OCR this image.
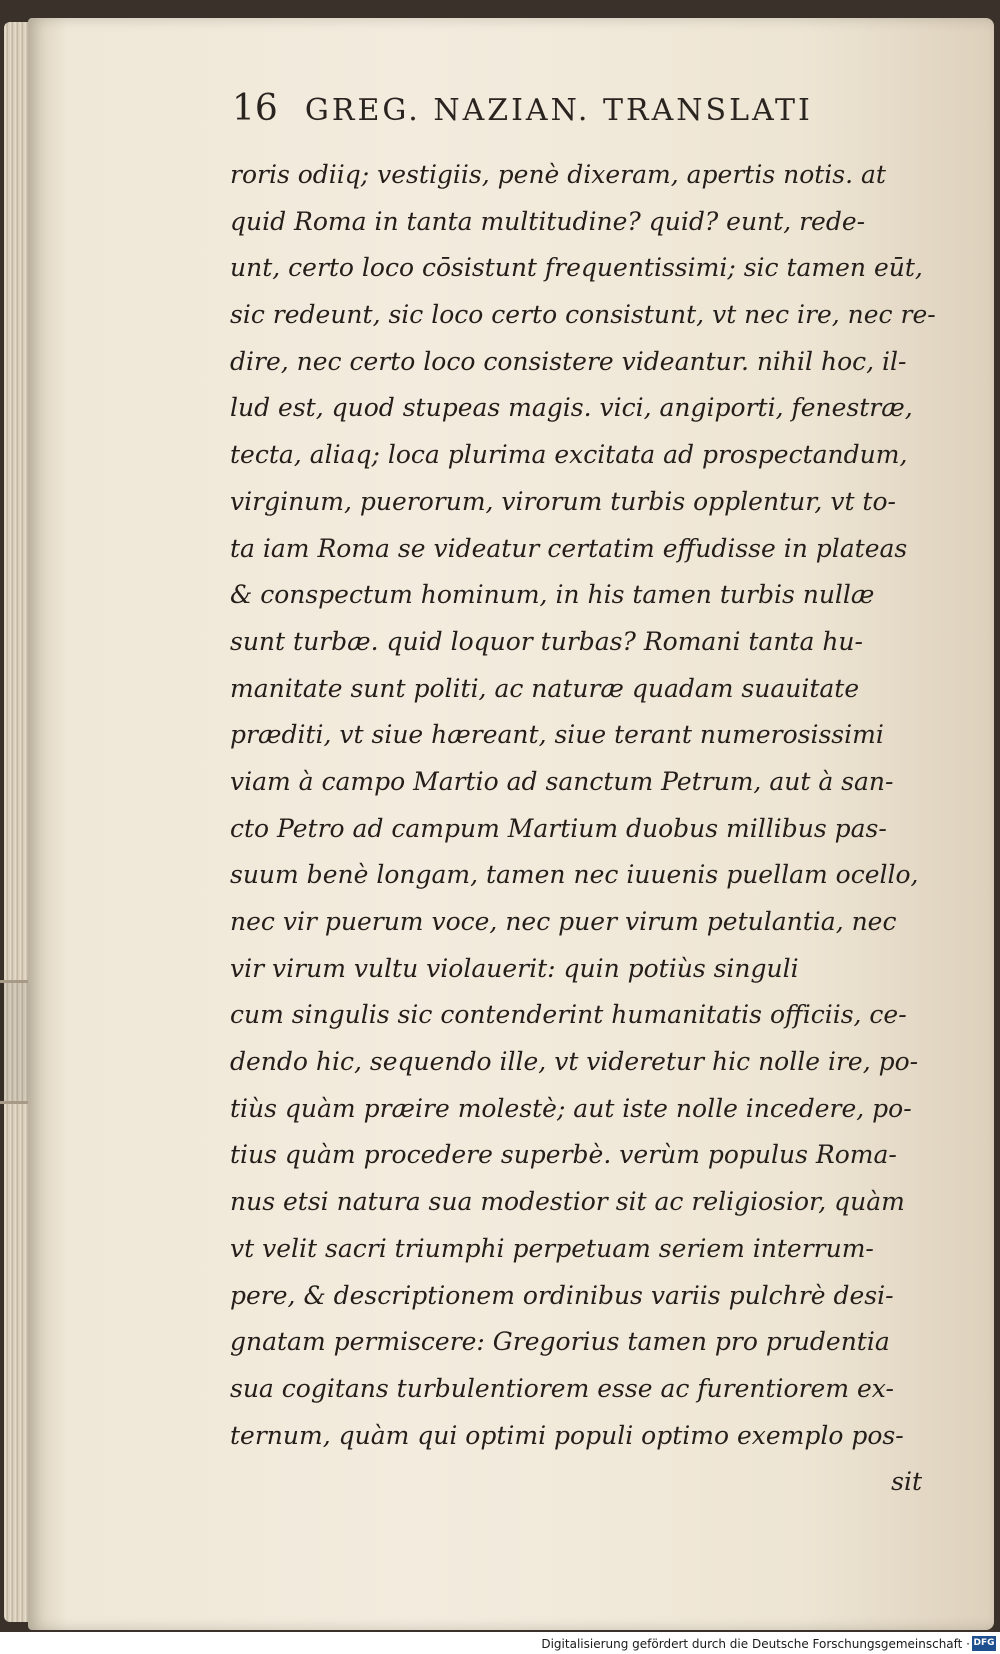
16 GREG. NAZIAN. TRANSLATI
roris odiiq; vestigiis, penè dixeram, apertis notis. at
quid Roma in tanta multitudine? quid? eunt, rede-
unt, certo loco cōsistunt frequentissimi; sic tamen eūt,
sic redeunt, sic loco certo consistunt, vt nec ire, nec re-
dire, nec certo loco consistere videantur. nihil hoc, il-
lud est, quod stupeas magis. vici, angiporti, fenestræ,
tecta, aliaq; loca plurima excitata ad prospectandum,
virginum, puerorum, virorum turbis opplentur, vt to-
ta iam Roma se videatur certatim effudisse in plateas
& conspectum hominum, in his tamen turbis nullæ
sunt turbæ. quid loquor turbas? Romani tanta hu-
manitate sunt politi, ac naturæ quadam suauitate
præditi, vt siue hæreant, siue terant numerosissimi
viam à campo Martio ad sanctum Petrum, aut à san-
cto Petro ad campum Martium duobus millibus pas-
suum benè longam, tamen nec iuuenis puellam ocello,
nec vir puerum voce, nec puer virum petulantia, nec
vir virum vultu violauerit: quin potiùs singuli
cum singulis sic contenderint humanitatis officiis, ce-
dendo hic, sequendo ille, vt videretur hic nolle ire, po-
tiùs quàm præire molestè; aut iste nolle incedere, po-
tius quàm procedere superbè. verùm populus Roma-
nus etsi natura sua modestior sit ac religiosior, quàm
vt velit sacri triumphi perpetuam seriem interrum-
pere, & descriptionem ordinibus variis pulchrè desi-
gnatam permiscere: Gregorius tamen pro prudentia
sua cogitans turbulentiorem esse ac furentiorem ex-
ternum, quàm qui optimi populi optimo exemplo pos-
sit
Digitalisierung gefördert durch die Deutsche Forschungsgemeinschaft · DFG
